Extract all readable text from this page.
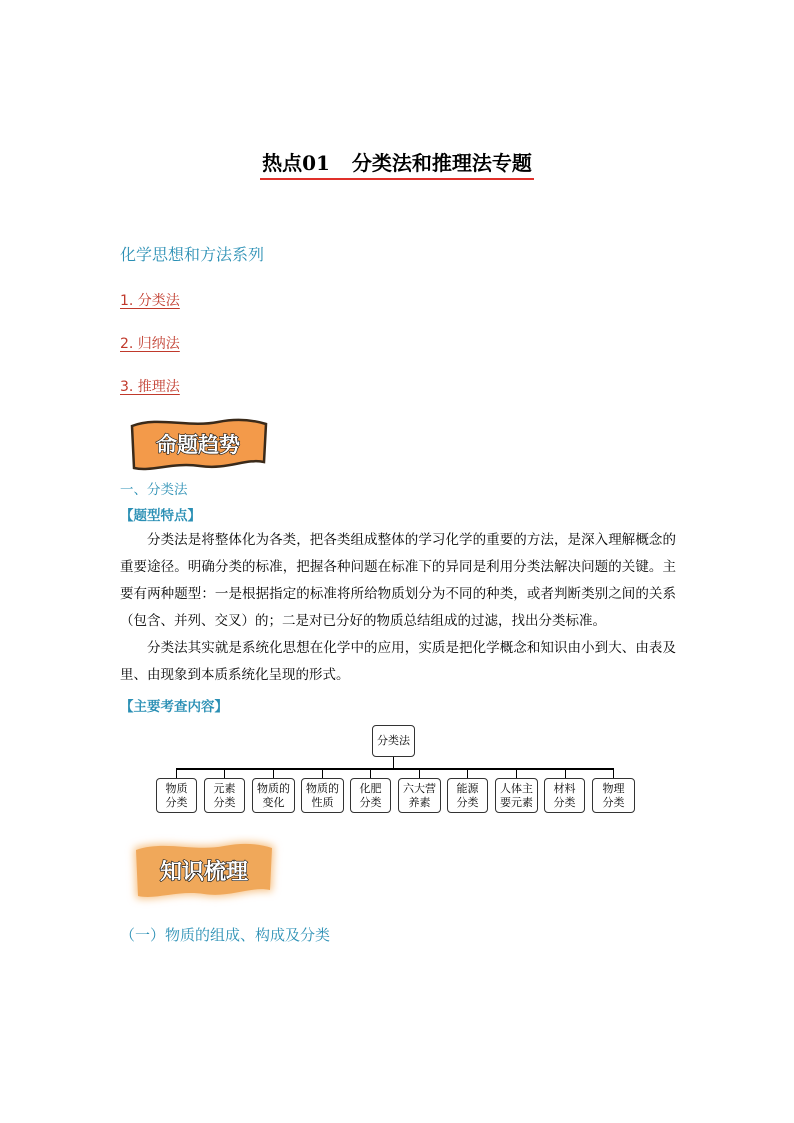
热点01 分类法和推理法专题
化学思想和方法系列
1. 分类法
2. 归纳法
3. 推理法
命题趋势
一、分类法
【题型特点】
分类法是将整体化为各类，把各类组成整体的学习化学的重要的方法，是深入理解概念的重要途径。明确分类的标准，把握各种问题在标准下的异同是利用分类法解决问题的关键。主要有两种题型：一是根据指定的标准将所给物质划分为不同的种类，或者判断类别之间的关系（包含、并列、交叉）的；二是对已分好的物质总结组成的过滤，找出分类标准。
分类法其实就是系统化思想在化学中的应用，实质是把化学概念和知识由小到大、由表及里、由现象到本质系统化呈现的形式。
【主要考查内容】
分类法
物质
分类
元素
分类
物质的
变化
物质的
性质
化肥
分类
六大营
养素
能源
分类
人体主
要元素
材料
分类
物理
分类
知识梳理
（一）物质的组成、构成及分类
